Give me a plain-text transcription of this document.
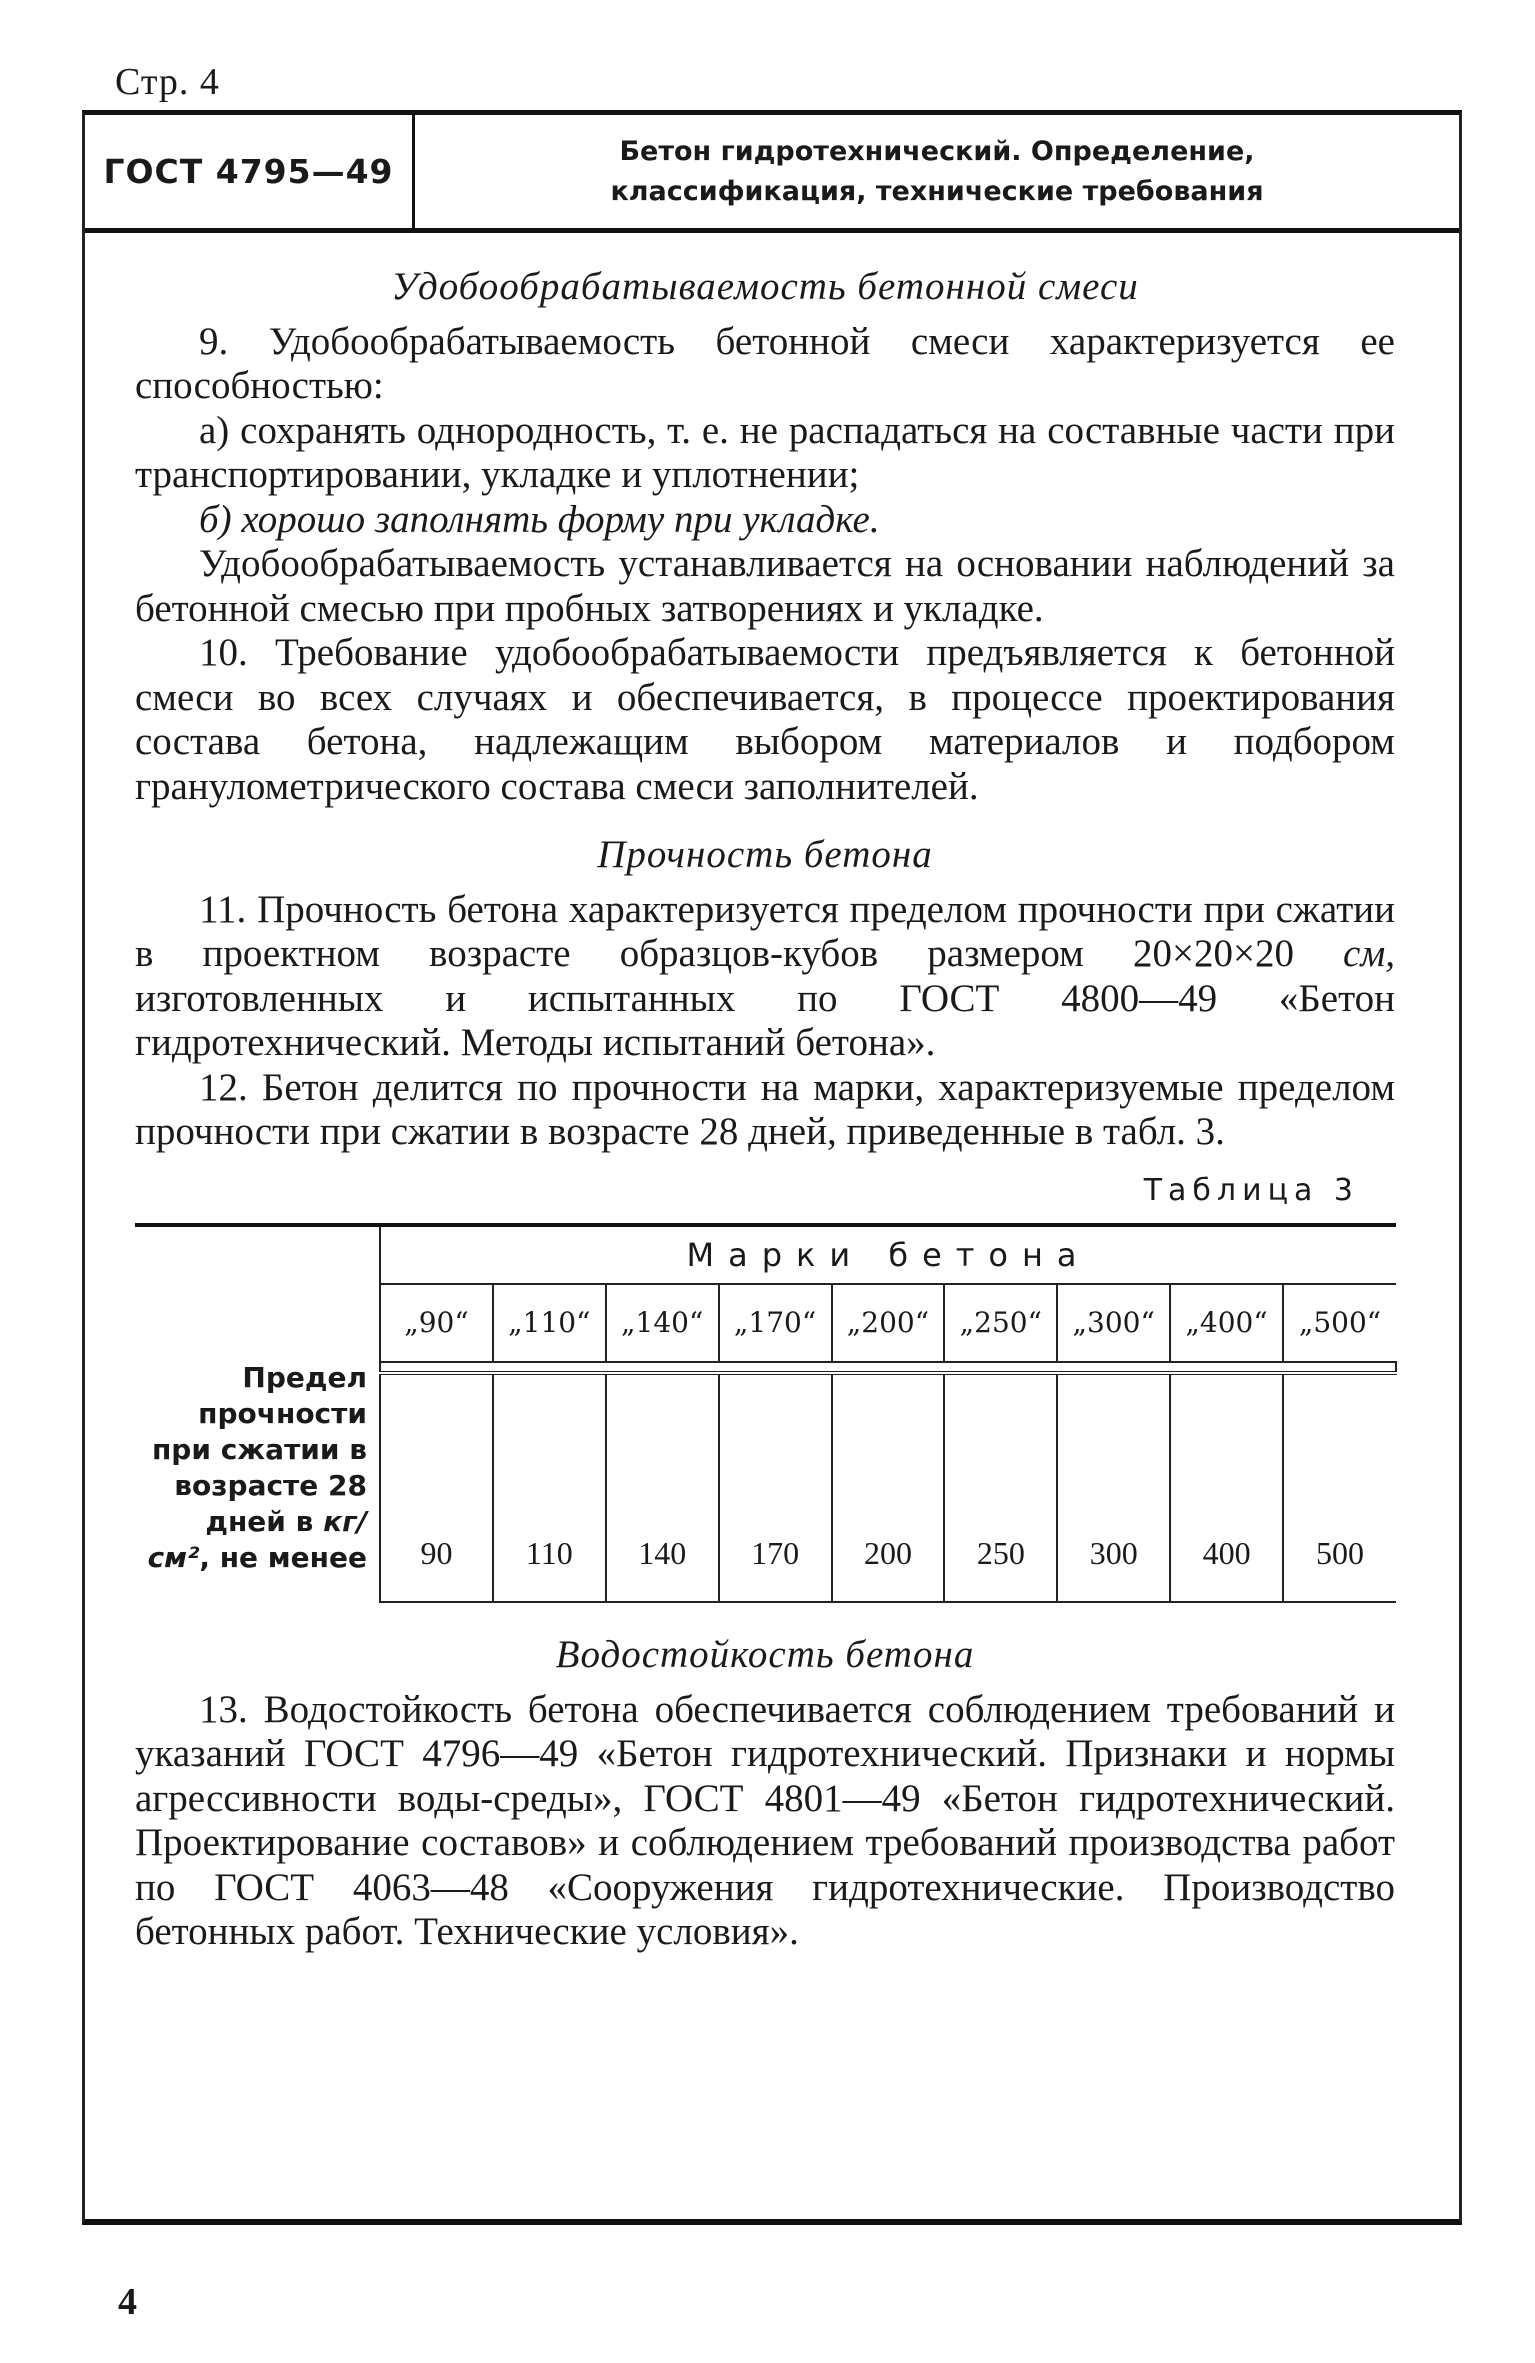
Стр. 4
ГОСТ 4795—49
Бетон гидротехнический. Определение,
классификация, технические требования

Удобообрабатываемость бетонной смеси

9. Удобообрабатываемость бетонной смеси характеризуется ее способностью:

а) сохранять однородность, т. е. не распадаться на составные части при транспортировании, укладке и уплотнении;

б) хорошо заполнять форму при укладке.

Удобообрабатываемость устанавливается на основании наблюдений за бетонной смесью при пробных затворениях и укладке.

10. Требование удобообрабатываемости предъявляется к бетонной смеси во всех случаях и обеспечивается, в процессе проектирования состава бетона, надлежащим выбором материалов и подбором гранулометрического состава смеси заполнителей.

Прочность бетона

11. Прочность бетона характеризуется пределом прочности при сжатии в проектном возрасте образцов-кубов размером 20×20×20 см, изготовленных и испытанных по ГОСТ 4800—49 «Бетон гидротехнический. Методы испытаний бетона».

12. Бетон делится по прочности на марки, характеризуемые пределом прочности при сжатии в возрасте 28 дней, приведенные в табл. 3.

Таблица 3
Предел прочности при сжатии в возрасте 28 дней в кг/см², не менее	Марки бетона								
	„90“	„110“	„140“	„170“	„200“	„250“	„300“	„400“	„500“

	90	110	140	170	200	250	300	400	500

Водостойкость бетона

13. Водостойкость бетона обеспечивается соблюдением требований и указаний ГОСТ 4796—49 «Бетон гидротехнический. Признаки и нормы агрессивности воды-среды», ГОСТ 4801—49 «Бетон гидротехнический. Проектирование составов» и соблюдением требований производства работ по ГОСТ 4063—48 «Сооружения гидротехнические. Производство бетонных работ. Технические условия».

4
